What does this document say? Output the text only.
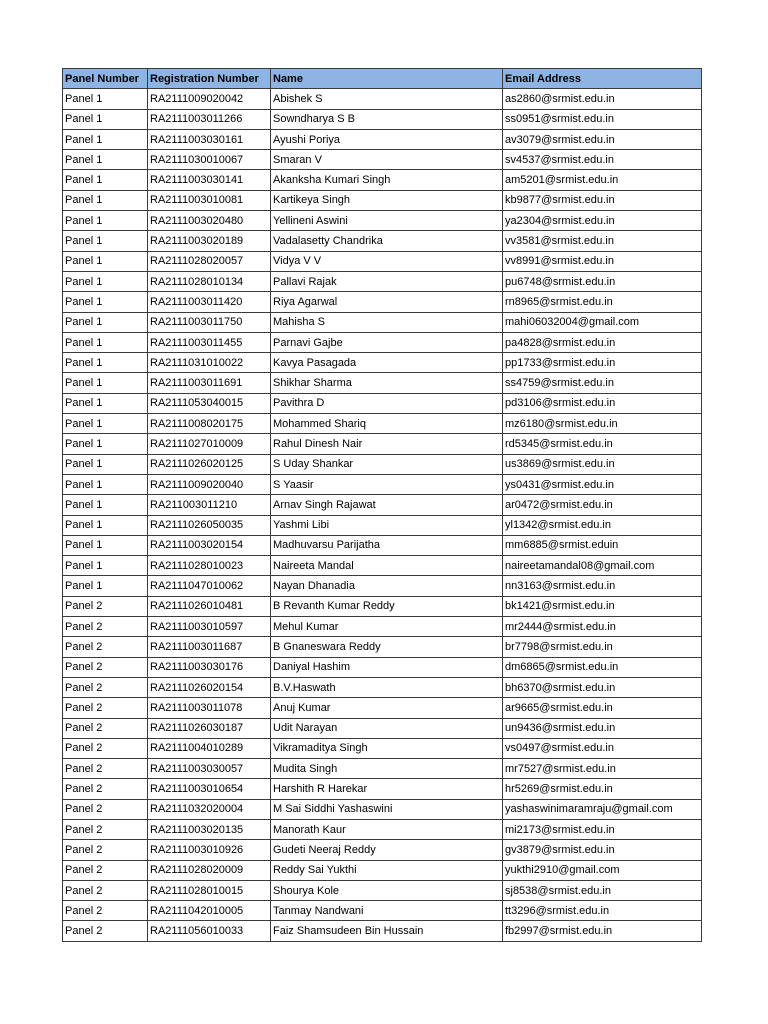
Panel Number	Registration Number	Name	Email Address
Panel 1	RA2111009020042	Abishek S	as2860@srmist.edu.in
Panel 1	RA2111003011266	Sowndharya S B	ss0951@srmist.edu.in
Panel 1	RA2111003030161	Ayushi Poriya	av3079@srmist.edu.in
Panel 1	RA2111030010067	Smaran V	sv4537@srmist.edu.in
Panel 1	RA2111003030141	Akanksha Kumari Singh	am5201@srmist.edu.in
Panel 1	RA2111003010081	Kartikeya Singh	kb9877@srmist.edu.in
Panel 1	RA2111003020480	Yellineni Aswini	ya2304@srmist.edu.in
Panel 1	RA2111003020189	Vadalasetty Chandrika	vv3581@srmist.edu.in
Panel 1	RA2111028020057	Vidya V V	vv8991@srmist.edu.in
Panel 1	RA2111028010134	Pallavi Rajak	pu6748@srmist.edu.in
Panel 1	RA2111003011420	Riya Agarwal	rn8965@srmist.edu.in
Panel 1	RA2111003011750	Mahisha S	mahi06032004@gmail.com
Panel 1	RA2111003011455	Parnavi Gajbe	pa4828@srmist.edu.in
Panel 1	RA2111031010022	Kavya Pasagada	pp1733@srmist.edu.in
Panel 1	RA2111003011691	Shikhar Sharma	ss4759@srmist.edu.in
Panel 1	RA2111053040015	Pavithra D	pd3106@srmist.edu.in
Panel 1	RA2111008020175	Mohammed Shariq	mz6180@srmist.edu.in
Panel 1	RA2111027010009	Rahul Dinesh Nair	rd5345@srmist.edu.in
Panel 1	RA2111026020125	S Uday Shankar	us3869@srmist.edu.in
Panel 1	RA2111009020040	S Yaasir	ys0431@srmist.edu.in
Panel 1	RA211003011210	Arnav Singh Rajawat	ar0472@srmist.edu.in
Panel 1	RA2111026050035	Yashmi Libi	yl1342@srmist.edu.in
Panel 1	RA2111003020154	Madhuvarsu Parijatha	mm6885@srmist.eduin
Panel 1	RA2111028010023	Naireeta Mandal	naireetamandal08@gmail.com
Panel 1	RA2111047010062	Nayan Dhanadia	nn3163@srmist.edu.in
Panel 2	RA2111026010481	B Revanth Kumar Reddy	bk1421@srmist.edu.in
Panel 2	RA2111003010597	Mehul Kumar	mr2444@srmist.edu.in
Panel 2	RA2111003011687	B Gnaneswara Reddy	br7798@srmist.edu.in
Panel 2	RA2111003030176	Daniyal Hashim	dm6865@srmist.edu.in
Panel 2	RA2111026020154	B.V.Haswath	bh6370@srmist.edu.in
Panel 2	RA2111003011078	Anuj Kumar	ar9665@srmist.edu.in
Panel 2	RA2111026030187	Udit Narayan	un9436@srmist.edu.in
Panel 2	RA2111004010289	Vikramaditya Singh	vs0497@srmist.edu.in
Panel 2	RA2111003030057	Mudita Singh	mr7527@srmist.edu.in
Panel 2	RA2111003010654	Harshith R Harekar	hr5269@srmist.edu.in
Panel 2	RA2111032020004	M Sai Siddhi Yashaswini	yashaswinimaramraju@gmail.com
Panel 2	RA2111003020135	Manorath Kaur	mi2173@srmist.edu.in
Panel 2	RA2111003010926	Gudeti Neeraj Reddy	gv3879@srmist.edu.in
Panel 2	RA2111028020009	Reddy Sai Yukthi	yukthi2910@gmail.com
Panel 2	RA2111028010015	Shourya Kole	sj8538@srmist.edu.in
Panel 2	RA2111042010005	Tanmay Nandwani	tt3296@srmist.edu.in
Panel 2	RA2111056010033	Faiz Shamsudeen Bin Hussain	fb2997@srmist.edu.in
